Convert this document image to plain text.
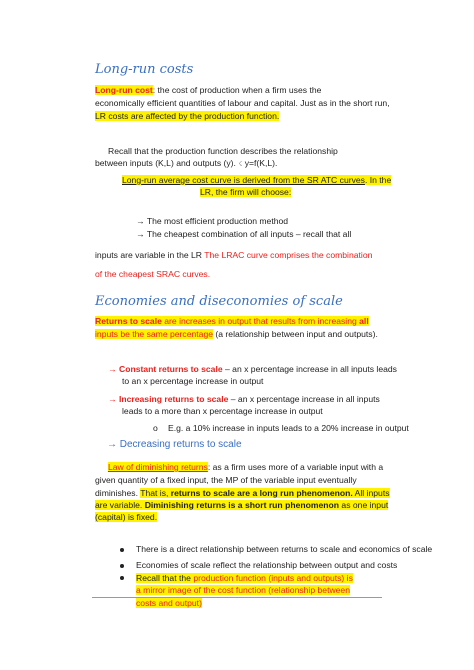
Long-run costs
Long-run cost: the cost of production when a firm uses the
economically efficient quantities of labour and capital. Just as in the short run,
LR costs are affected by the production function.
Recall that the production function describes the relationship
between inputs (K,L) and outputs (y). ☇ y=f(K,L).
Long-run average cost curve is derived from the SR ATC curves. In the
LR, the firm will choose:
→ The most efficient production method
→ The cheapest combination of all inputs – recall that all
inputs are variable in the LR The LRAC curve comprises the combination
of the cheapest SRAC curves.
Economies and diseconomies of scale
Returns to scale are increases in output that results from increasing all
inputs be the same percentage (a relationship between input and outputs).
→ Constant returns to scale – an x percentage increase in all inputs leads
to an x percentage increase in output
→ Increasing returns to scale – an x percentage increase in all inputs
leads to a more than x percentage increase in output
o E.g. a 10% increase in inputs leads to a 20% increase in output
→ Decreasing returns to scale
Law of diminishing returns: as a firm uses more of a variable input with a
given quantity of a fixed input, the MP of the variable input eventually
diminishes. That is, returns to scale are a long run phenomenon. All inputs
are variable. Diminishing returns is a short run phenomenon as one input
(capital) is fixed.
There is a direct relationship between returns to scale and economics of scale
Economies of scale reflect the relationship between output and costs
Recall that the production function (inputs and outputs) is
a mirror image of the cost function (relationship between
costs and output)
